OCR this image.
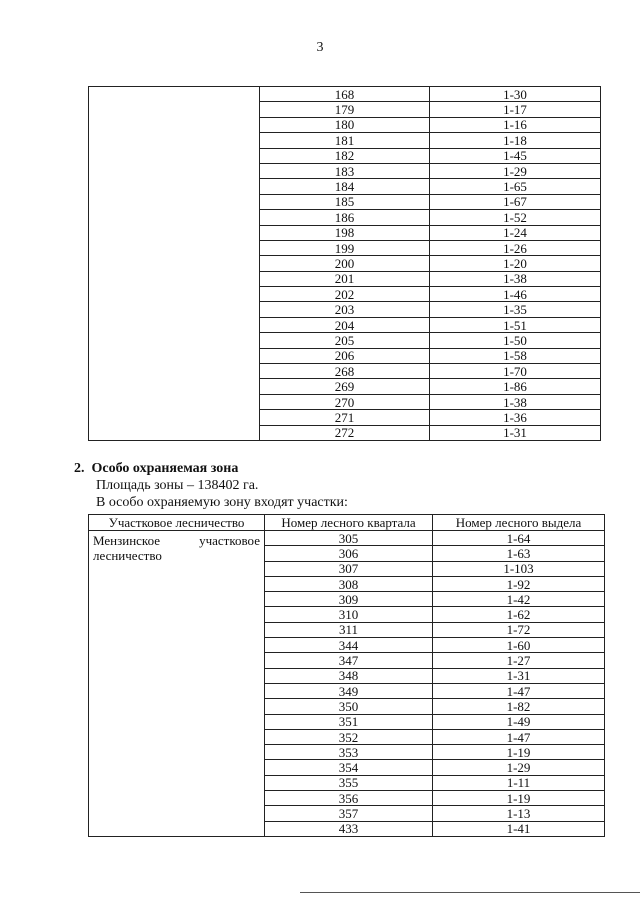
3
	168	1-30
	179	1-17
	180	1-16
	181	1-18
	182	1-45
	183	1-29
	184	1-65
	185	1-67
	186	1-52
	198	1-24
	199	1-26
	200	1-20
	201	1-38
	202	1-46
	203	1-35
	204	1-51
	205	1-50
	206	1-58
	268	1-70
	269	1-86
	270	1-38
	271	1-36
	272	1-31
2. Особо охраняемая зона
Площадь зоны – 138402 га.
В особо охраняемую зону входят участки:
Участковое лесничество	Номер лесного квартала	Номер лесного выдела

Мензинское участковое
лесничество	305	1-64
	306	1-63
	307	1-103
	308	1-92
	309	1-42
	310	1-62
	311	1-72
	344	1-60
	347	1-27
	348	1-31
	349	1-47
	350	1-82
	351	1-49
	352	1-47
	353	1-19
	354	1-29
	355	1-11
	356	1-19
	357	1-13
	433	1-41
